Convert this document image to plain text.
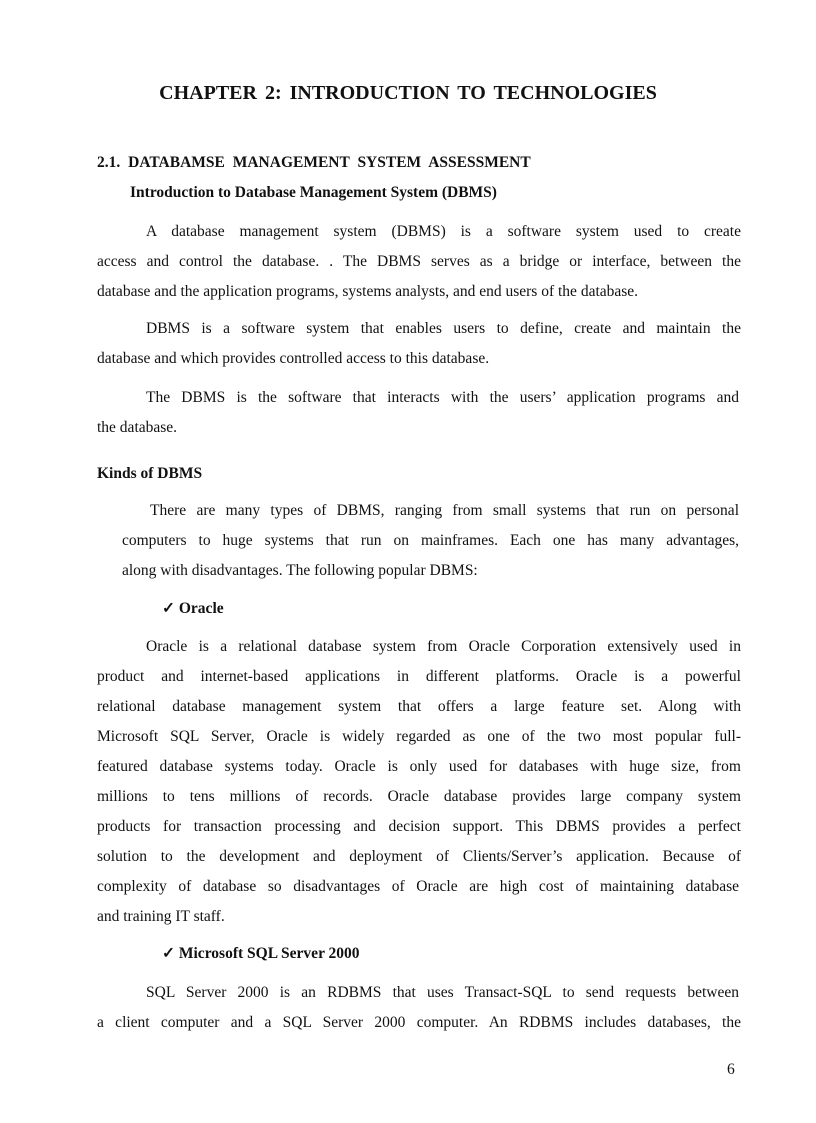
CHAPTER 2: INTRODUCTION TO TECHNOLOGIES
2.1. DATABAMSE MANAGEMENT SYSTEM ASSESSMENT
Introduction to Database Management System (DBMS)
A database management system (DBMS) is a software system used to create
access and control the database. . The DBMS serves as a bridge or interface, between the
database and the application programs, systems analysts, and end users of the database.
DBMS is a software system that enables users to define, create and maintain the
database and which provides controlled access to this database.
The DBMS is the software that interacts with the users’ application programs and
the database.
Kinds of DBMS
There are many types of DBMS, ranging from small systems that run on personal
computers to huge systems that run on mainframes. Each one has many advantages,
along with disadvantages. The following popular DBMS:
✓ Oracle
Oracle is a relational database system from Oracle Corporation extensively used in
product and internet-based applications in different platforms. Oracle is a powerful
relational database management system that offers a large feature set. Along with
Microsoft SQL Server, Oracle is widely regarded as one of the two most popular full-
featured database systems today. Oracle is only used for databases with huge size, from
millions to tens millions of records. Oracle database provides large company system
products for transaction processing and decision support. This DBMS provides a perfect
solution to the development and deployment of Clients/Server’s application. Because of
complexity of database so disadvantages of Oracle are high cost of maintaining database
and training IT staff.
✓ Microsoft SQL Server 2000
SQL Server 2000 is an RDBMS that uses Transact-SQL to send requests between
a client computer and a SQL Server 2000 computer. An RDBMS includes databases, the
6
